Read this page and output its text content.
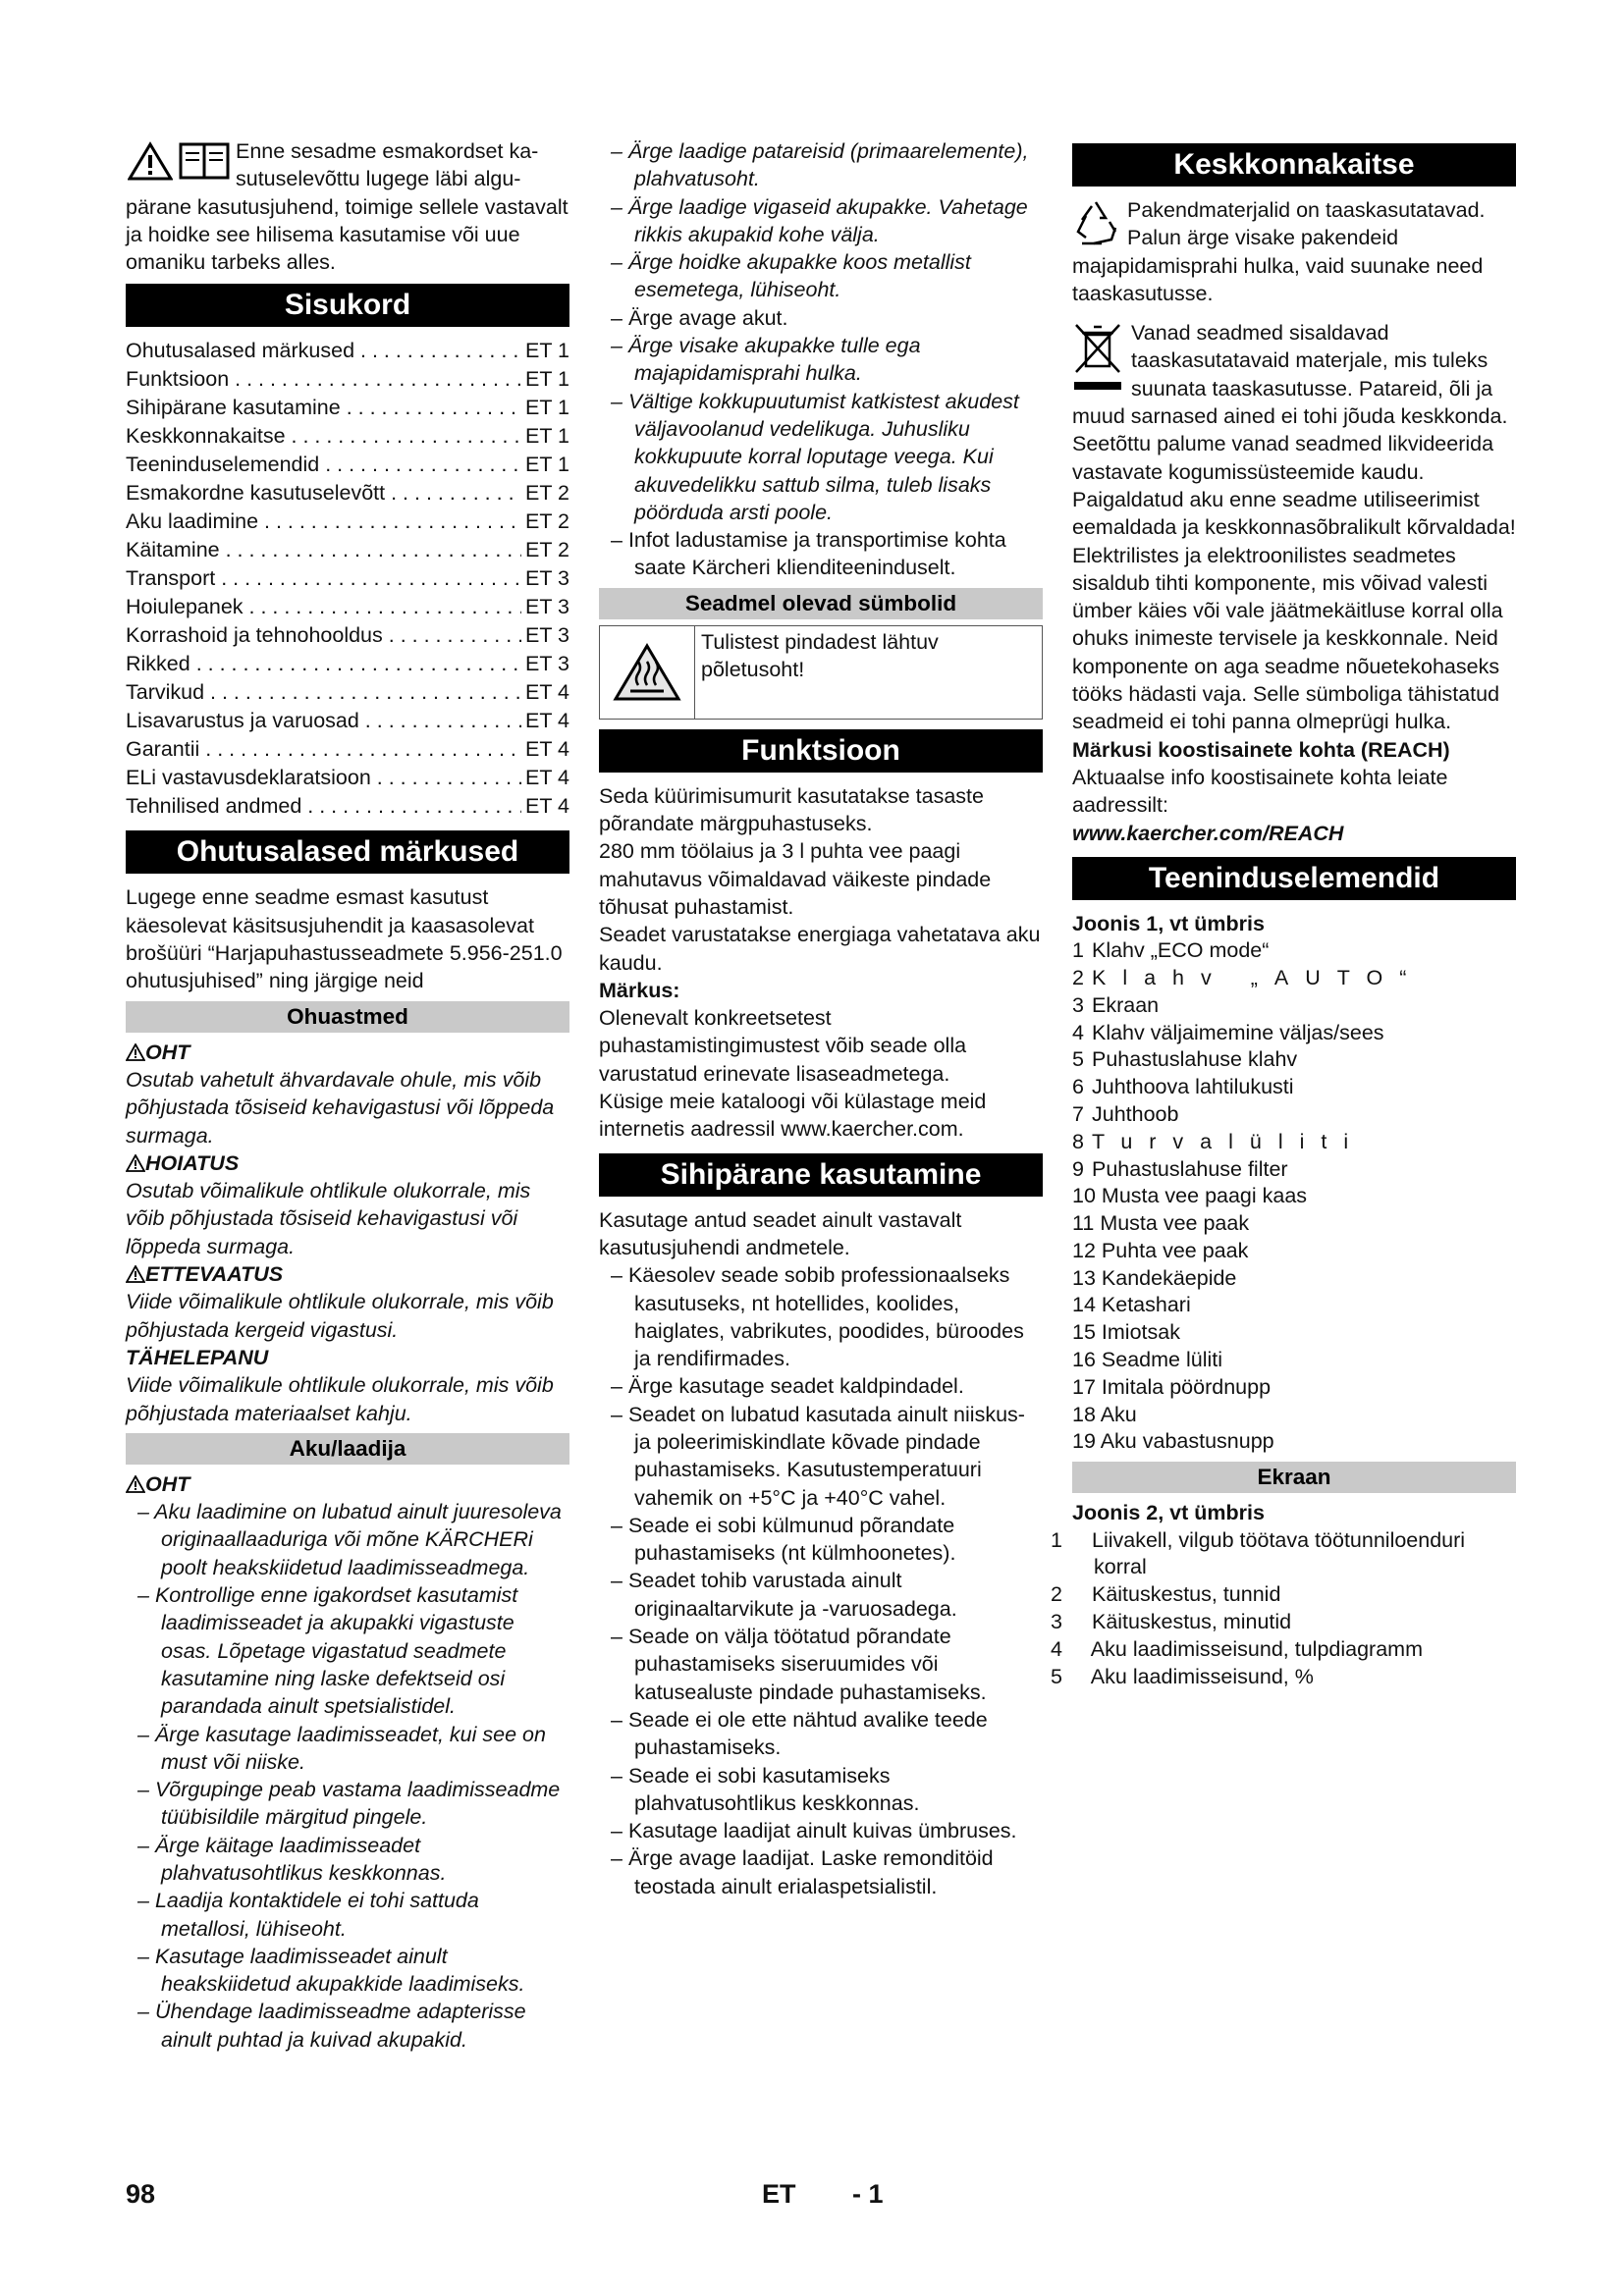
Enne sesadme esmakordset ka-

sutuselevõttu lugege läbi algu-

pärane kasutusjuhend, toimige sellele vastavalt ja hoidke see hilisema kasutamise või uue omaniku tarbeks alles.

Sisukord
Ohutusalased märkused . . .	ET 1
Funktsioon . . .	ET 1
Sihipärane kasutamine . . .	ET 1
Keskkonnakaitse . . .	ET 1
Teeninduselemendid . . .	ET 1
Esmakordne kasutuselevõtt . . .	ET 2
Aku laadimine . . .	ET 2
Käitamine . . .	ET 2
Transport . . .	ET 3
Hoiulepanek . . .	ET 3
Korrashoid ja tehnohooldus . . .	ET 3
Rikked . . .	ET 3
Tarvikud . . .	ET 4
Lisavarustus ja varuosad . . .	ET 4
Garantii . . .	ET 4
ELi vastavusdeklaratsioon . . .	ET 4
Tehnilised andmed . . .	ET 4
Ohutusalased märkused

Lugege enne seadme esmast kasutust käesolevat käsitsusjuhendit ja kaasasolevat brošüüri “Harjapuhastusseadmete 5.956-251.0 ohutusjuhised” ning järgige neid

Ohuastmed

OHT

Osutab vahetult ähvardavale ohule, mis võib põhjustada tõsiseid kehavigastusi või lõppeda surmaga.

HOIATUS

Osutab võimalikule ohtlikule olukorrale, mis võib põhjustada tõsiseid kehavigastusi või lõppeda surmaga.

ETTEVAATUS

Viide võimalikule ohtlikule olukorrale, mis võib põhjustada kergeid vigastusi.

TÄHELEPANU

Viide võimalikule ohtlikule olukorrale, mis võib põhjustada materiaalset kahju.

Aku/laadija

OHT

– Aku laadimine on lubatud ainult juuresoleva originaallaaduriga või mõne KÄRCHERi poolt heakskiidetud laadimisseadmega.

– Kontrollige enne igakordset kasutamist laadimisseadet ja akupakki vigastuste osas. Lõpetage vigastatud seadmete kasutamine ning laske defektseid osi parandada ainult spetsialistidel.

– Ärge kasutage laadimisseadet, kui see on must või niiske.

– Võrgupinge peab vastama laadimisseadme tüübisildile märgitud pingele.

– Ärge käitage laadimisseadet plahvatusohtlikus keskkonnas.

– Laadija kontaktidele ei tohi sattuda metallosi, lühiseoht.

– Kasutage laadimisseadet ainult heakskiidetud akupakkide laadimiseks.

– Ühendage laadimisseadme adapterisse ainult puhtad ja kuivad akupakid.

– Ärge laadige patareisid (primaarelemente), plahvatusoht.

– Ärge laadige vigaseid akupakke. Vahetage rikkis akupakid kohe välja.

– Ärge hoidke akupakke koos metallist esemetega, lühiseoht.

– Ärge avage akut.

– Ärge visake akupakke tulle ega majapidamisprahi hulka.

– Vältige kokkupuutumist katkistest akudest väljavoolanud vedelikuga. Juhusliku kokkupuute korral loputage veega. Kui akuvedelikku sattub silma, tuleb lisaks pöörduda arsti poole.

– Infot ladustamise ja transportimise kohta saate Kärcheri klienditeeninduselt.

Seadmel olevad sümbolid
Tulistest pindadest lähtuv põletusoht!
Funktsioon

Seda küürimisumurit kasutatakse tasaste põrandate märgpuhastuseks.

280 mm töölaius ja 3 l puhta vee paagi mahutavus võimaldavad väikeste pindade tõhusat puhastamist.

Seadet varustatakse energiaga vahetatava aku kaudu.

Märkus:

Olenevalt konkreetsetest puhastamistingimustest võib seade olla varustatud erinevate lisaseadmetega.

Küsige meie kataloogi või külastage meid internetis aadressil www.kaercher.com.

Sihipärane kasutamine

Kasutage antud seadet ainult vastavalt kasutusjuhendi andmetele.

– Käesolev seade sobib professionaalseks kasutuseks, nt hotellides, koolides, haiglates, vabrikutes, poodides, büroodes ja rendifirmades.

– Ärge kasutage seadet kaldpindadel.

– Seadet on lubatud kasutada ainult niiskus- ja poleerimiskindlate kõvade pindade puhastamiseks. Kasutustemperatuuri vahemik on +5°C ja +40°C vahel.

– Seade ei sobi külmunud põrandate puhastamiseks (nt külmhoonetes).

– Seadet tohib varustada ainult originaaltarvikute ja -varuosadega.

– Seade on välja töötatud põrandate puhastamiseks siseruumides või katusealuste pindade puhastamiseks.

– Seade ei ole ette nähtud avalike teede puhastamiseks.

– Seade ei sobi kasutamiseks plahvatusohtlikus keskkonnas.

– Kasutage laadijat ainult kuivas ümbruses.

– Ärge avage laadijat. Laske remonditöid teostada ainult erialaspetsialistil.

Keskkonnakaitse

Pakendmaterjalid on taaskasutatavad. Palun ärge visake pakendeid majapidamisprahi hulka, vaid suunake need taaskasutusse.

Vanad seadmed sisaldavad taaskasutatavaid materjale, mis tuleks suunata taaskasutusse. Patareid, õli ja muud sarnased ained ei tohi jõuda keskkonda. Seetõttu palume vanad seadmed likvideerida vastavate kogumissüsteemide kaudu.

Paigaldatud aku enne seadme utiliseerimist eemaldada ja keskkonnasõbralikult kõrvaldada!

Elektrilistes ja elektroonilistes seadmetes sisaldub tihti komponente, mis võivad valesti ümber käies või vale jäätmekäitluse korral olla ohuks inimeste tervisele ja keskkonnale. Neid komponente on aga seadme nõuetekohaseks tööks hädasti vaja. Selle sümboliga tähistatud seadmeid ei tohi panna olmeprügi hulka.

Märkusi koostisainete kohta (REACH)

Aktuaalse info koostisainete kohta leiate aadressilt:

www.kaercher.com/REACH

Teeninduselemendid

Joonis 1, vt ümbris

1 Klahv „ECO mode“
2 Klahv „AUTO“
3 Ekraan
4 Klahv väljaimemine väljas/sees
5 Puhastuslahuse klahv
6 Juhthoova lahtilukusti
7 Juhthoob
8 Turvalüliti
9 Puhastuslahuse filter
10 Musta vee paagi kaas
11 Musta vee paak
12 Puhta vee paak
13 Kandekäepide
14 Ketashari
15 Imiotsak
16 Seadme lüliti
17 Imitala pöördnupp
18 Aku
19 Aku vabastusnupp
Ekraan

Joonis 2, vt ümbris

1 Liivakell, vilgub töötava töötunniloenduri korral
2 Käituskestus, tunnid
3 Käituskestus, minutid
4 Aku laadimisseisund, tulpdiagramm
5 Aku laadimisseisund, %
98	ET - 1
